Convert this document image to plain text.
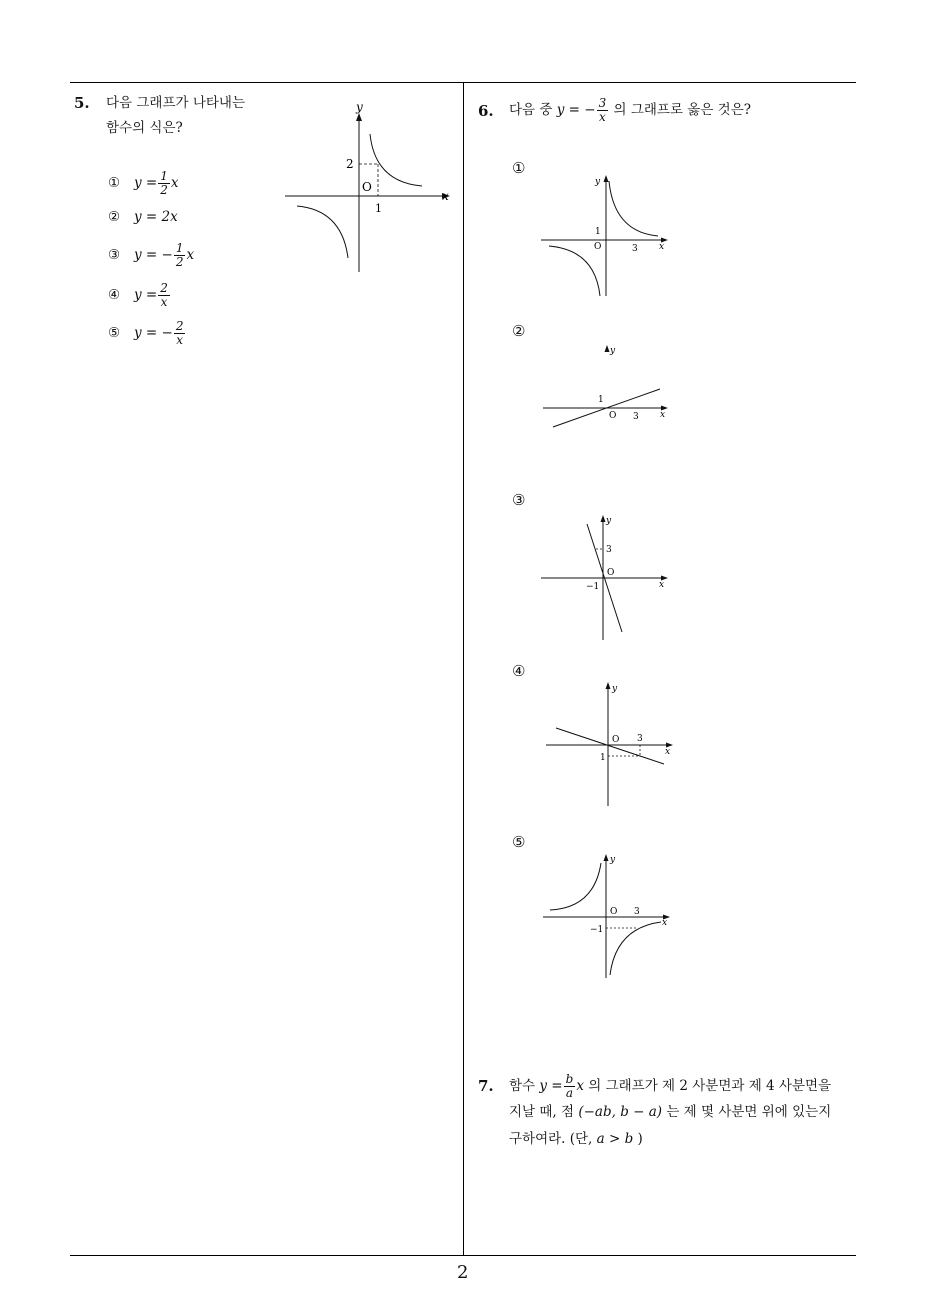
5. 다음 그래프가 나타내는
함수의 식은?
① $y = \frac{1}{2}$ x
② y = 2x
③ y = − $\frac{1}{2}$ x
④ $y = \frac{2}{x}$
⑤ y = − $\frac{2}{x}$
y
x
O
2
1
6. 다음 중 y = − $\frac{3}{x}$ 의 그래프로 옳은 것은?
①
②
③
④
⑤
y
x
O
1
3
y
x
O
1
3
y
x
O
3
−1
y
x
O 3
1
y
x
O 3
−1
7. 함수 $y = \frac{b}{a}$ x 의 그래프가 제 2 사분면과 제 4 사분면을
지날 때, 점 (−ab, b − a) 는 제 몇 사분면 위에 있는지
구하여라. (단, a > b )
2
